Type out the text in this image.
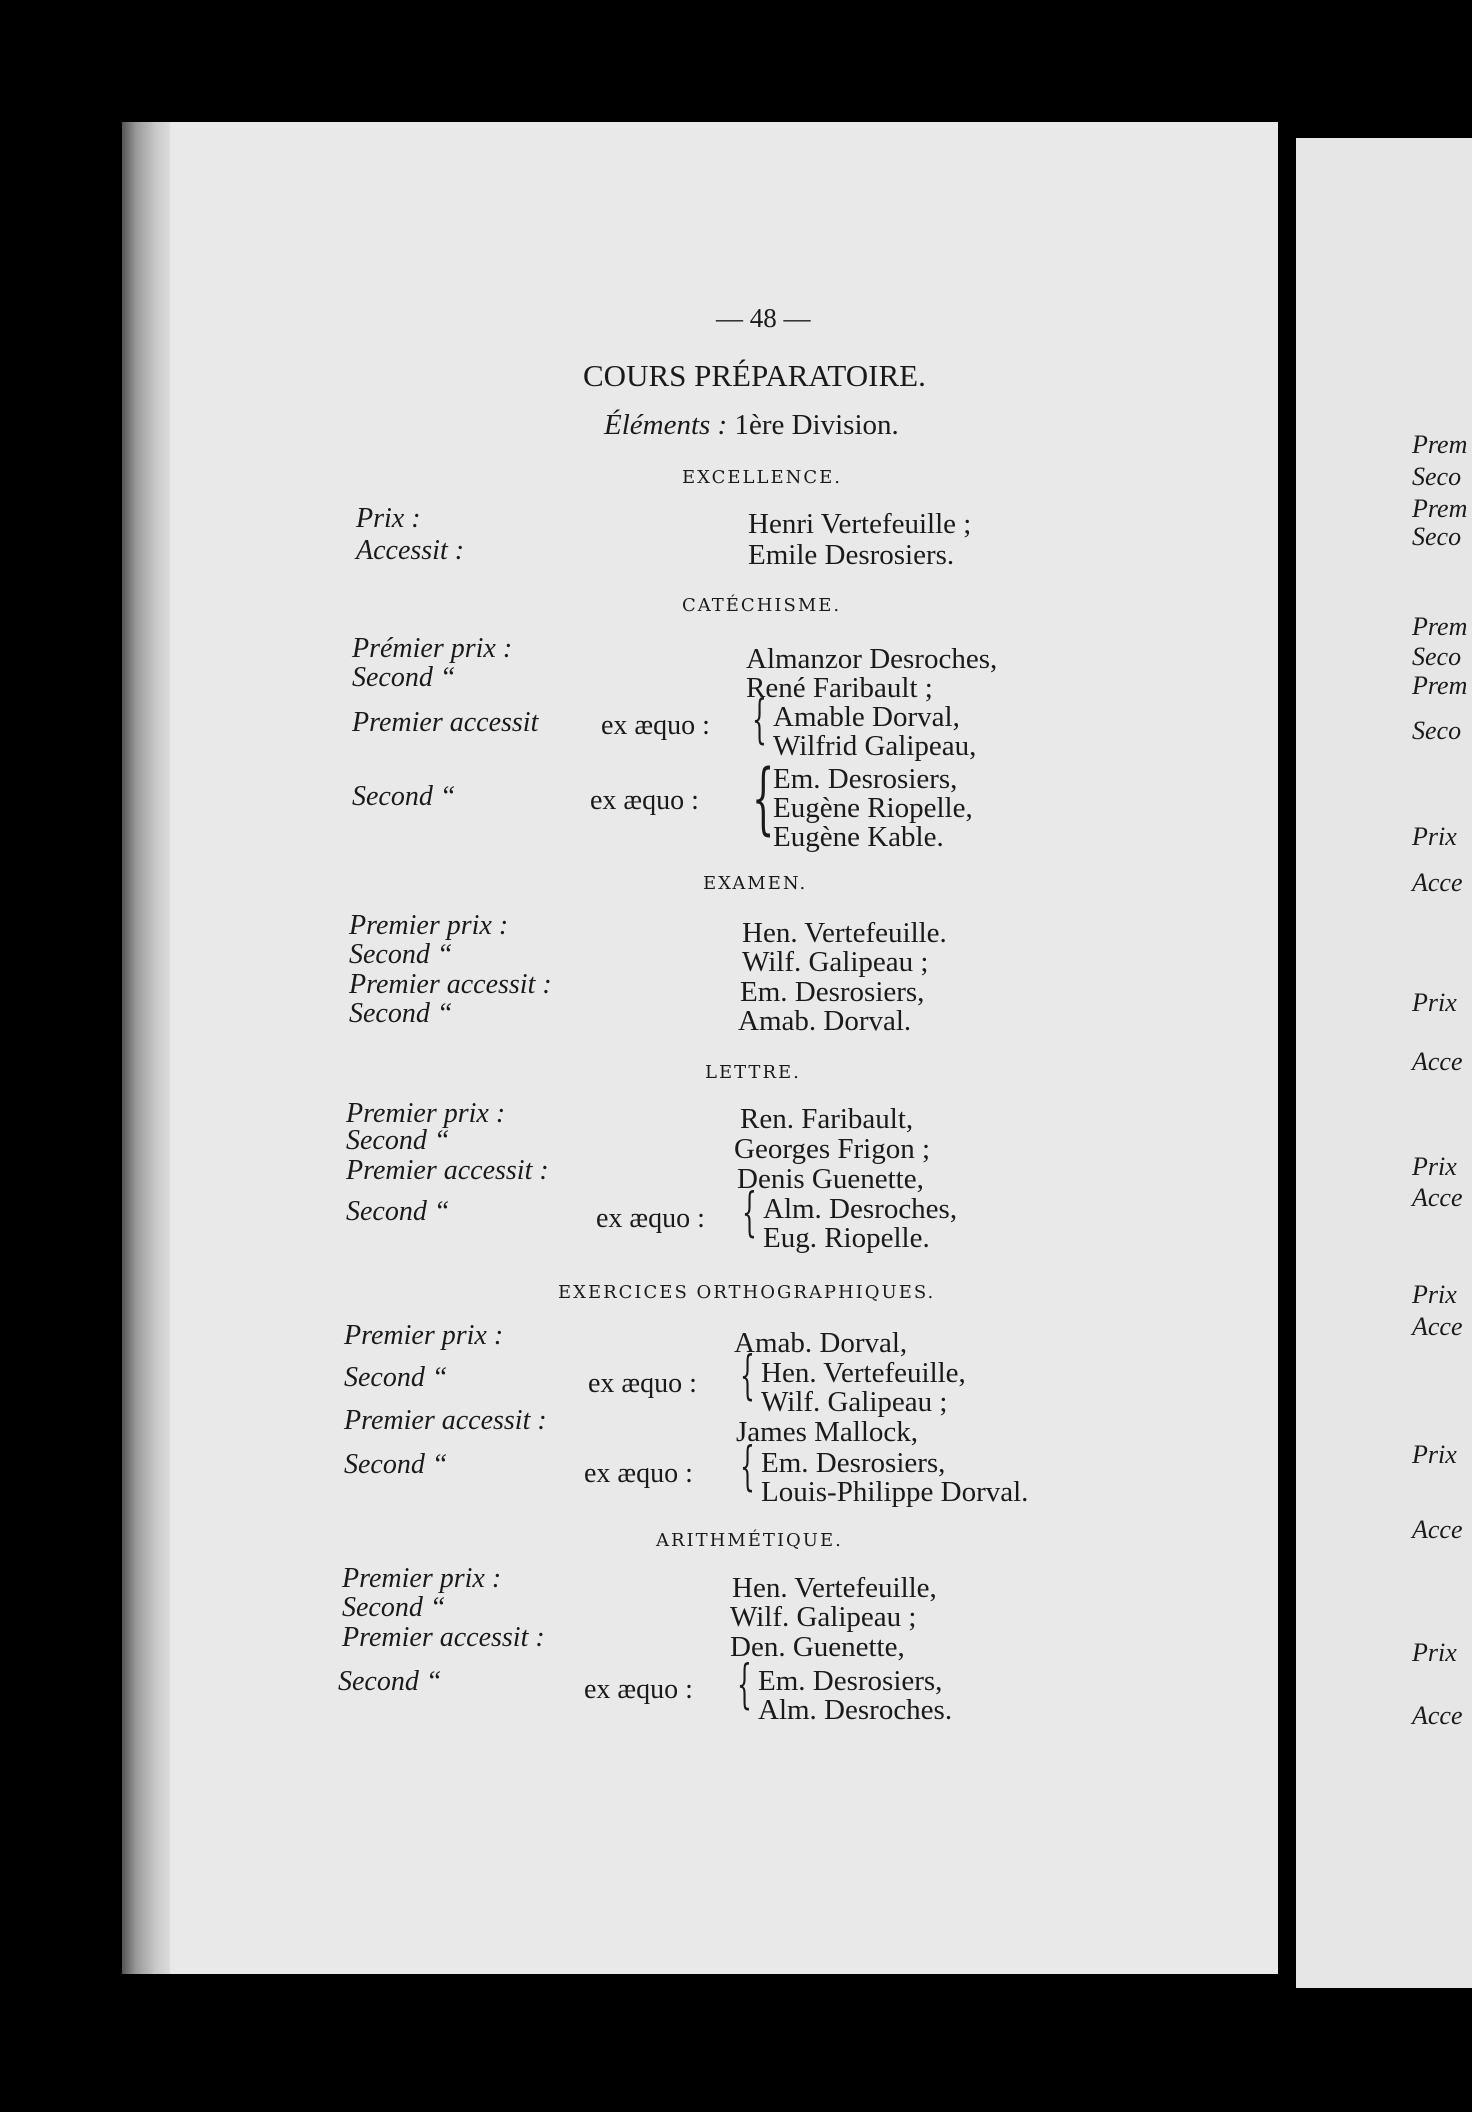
— 48 —
COURS PRÉPARATOIRE.
Éléments : 1ère Division.
EXCELLENCE.
Prix :
Accessit :
Henri Vertefeuille ;
Emile Desrosiers.
CATÉCHISME.
Prémier prix :
Second “
Premier accessit
Second “
ex æquo :
ex æquo :
Almanzor Desroches,
René Faribault ;
{ Amable Dorval,
Wilfrid Galipeau,
{
Em. Desrosiers,
Eugène Riopelle,
Eugène Kable.
EXAMEN.
Premier prix :
Second “
Premier accessit :
Second “
Hen. Vertefeuille.
Wilf. Galipeau ;
Em. Desrosiers,
Amab. Dorval.
LETTRE.
Premier prix :
Second “
Premier accessit :
Second “	ex æquo :
Ren. Faribault,
Georges Frigon ;
Denis Guenette,
{ Alm. Desroches,
Eug. Riopelle.
EXERCICES ORTHOGRAPHIQUES.
Premier prix :
Second “
Premier accessit :
Second “
ex æquo :
ex æquo :
Amab. Dorval,
{ Hen. Vertefeuille,
Wilf. Galipeau ;
James Mallock,
{ Em. Desrosiers,
Louis-Philippe Dorval.
ARITHMÉTIQUE.
Premier prix :
Second “
Premier accessit :
Second “	ex æquo :
Hen. Vertefeuille,
Wilf. Galipeau ;
Den. Guenette,
{ Em. Desrosiers,
Alm. Desroches.
Prem
Seco
Prem
Seco
Prem
Seco
Prem
Seco
Prix
Acce
Prix
Acce
Prix
Acce
Prix
Acce
Prix
Acce
Prix
Acce
